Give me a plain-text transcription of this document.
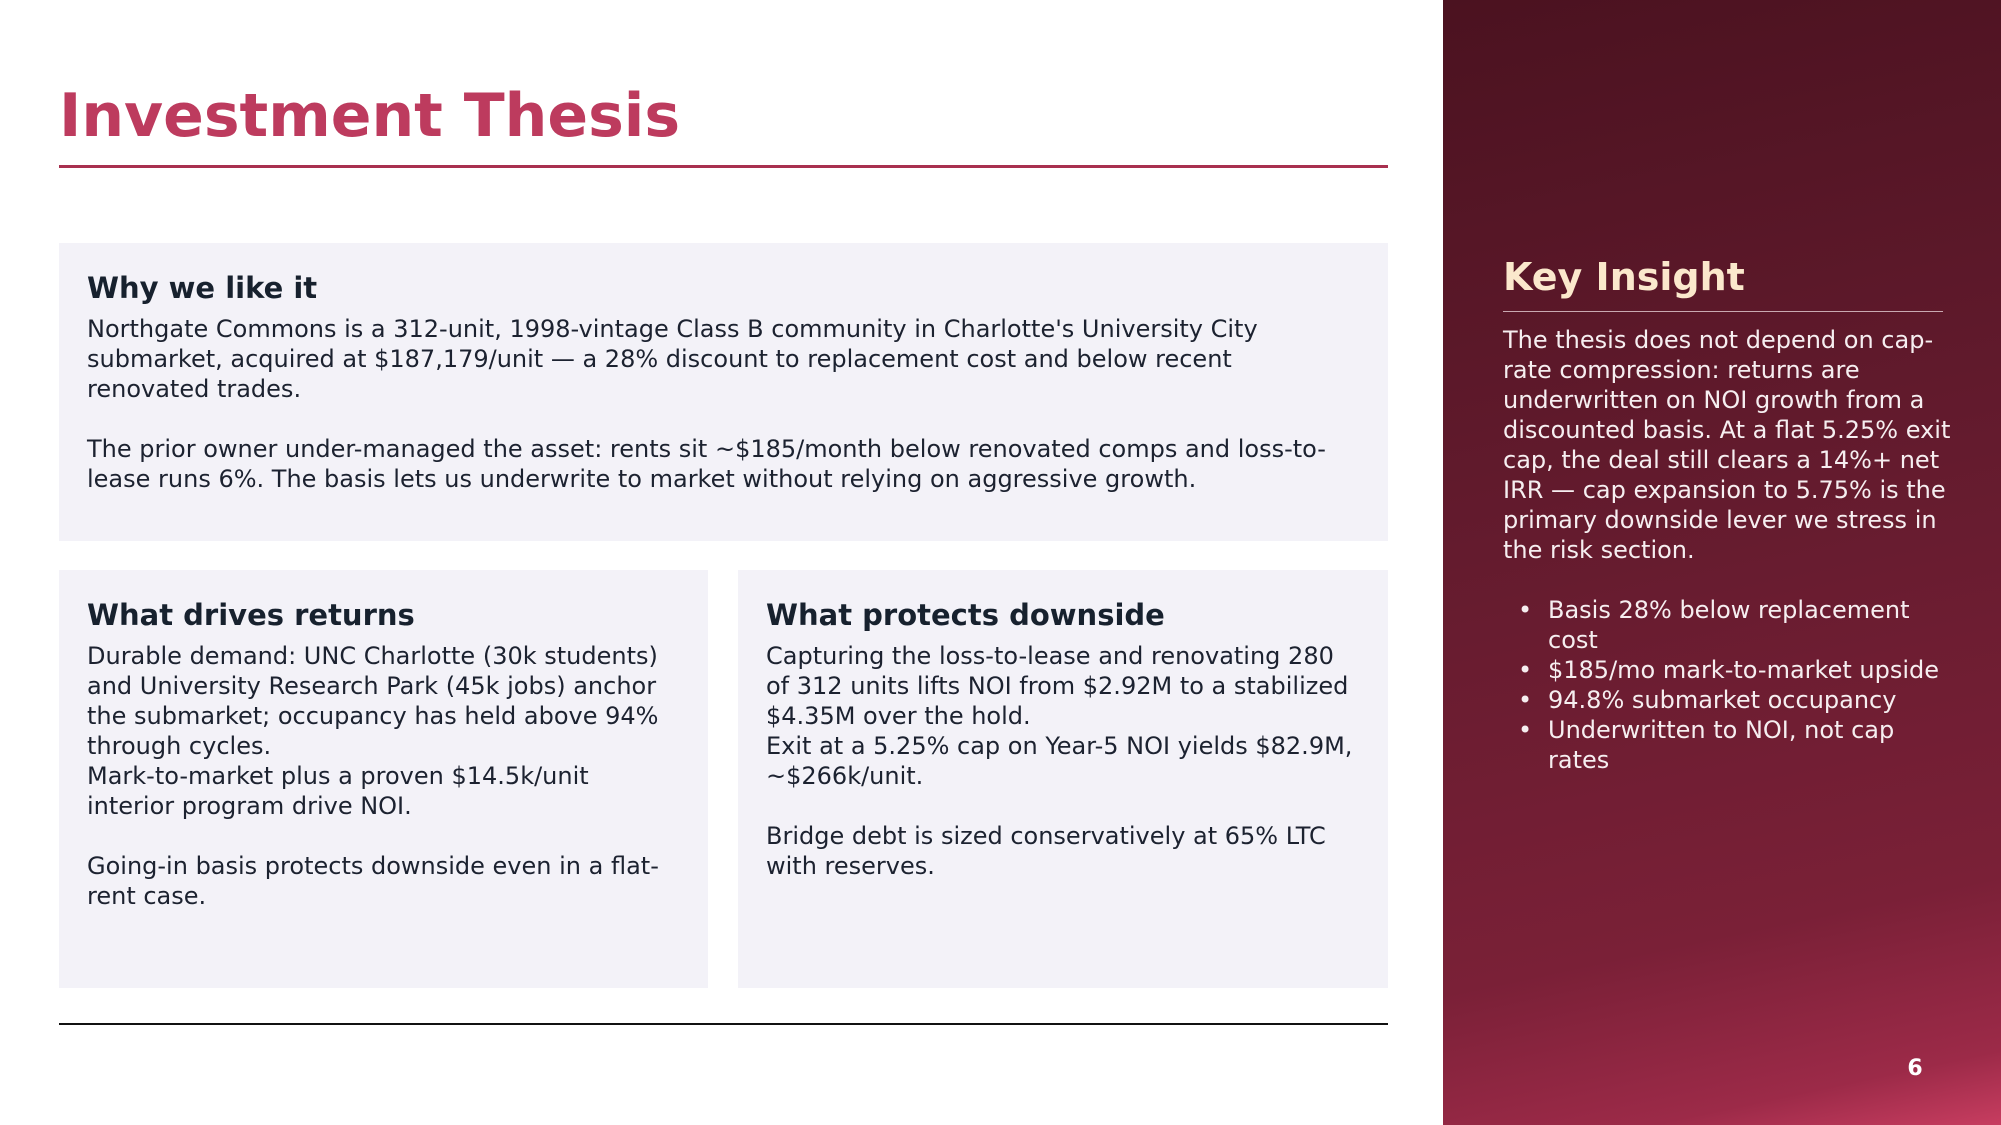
Investment Thesis
Why we like it

Northgate Commons is a 312-unit, 1998-vintage Class B community in Charlotte's University City submarket, acquired at $187,179/unit — a 28% discount to replacement cost and below recent renovated trades.

The prior owner under-managed the asset: rents sit ~$185/month below renovated comps and loss-to-lease runs 6%. The basis lets us underwrite to market without relying on aggressive growth.

What drives returns

Durable demand: UNC Charlotte (30k students) and University Research Park (45k jobs) anchor the submarket; occupancy has held above 94% through cycles.

Mark-to-market plus a proven $14.5k/unit interior program drive NOI.

Going-in basis protects downside even in a flat-rent case.

What protects downside

Capturing the loss-to-lease and renovating 280 of 312 units lifts NOI from $2.92M to a stabilized $4.35M over the hold.

Exit at a 5.25% cap on Year-5 NOI yields $82.9M, ~$266k/unit.

Bridge debt is sized conservatively at 65% LTC with reserves.

Key Insight

The thesis does not depend on cap-rate compression: returns are underwritten on NOI growth from a discounted basis. At a flat 5.25% exit cap, the deal still clears a 14%+ net IRR — cap expansion to 5.75% is the primary downside lever we stress in the risk section.

• Basis 28% below replacement cost
• $185/mo mark-to-market upside
• 94.8% submarket occupancy
• Underwritten to NOI, not cap rates
6
